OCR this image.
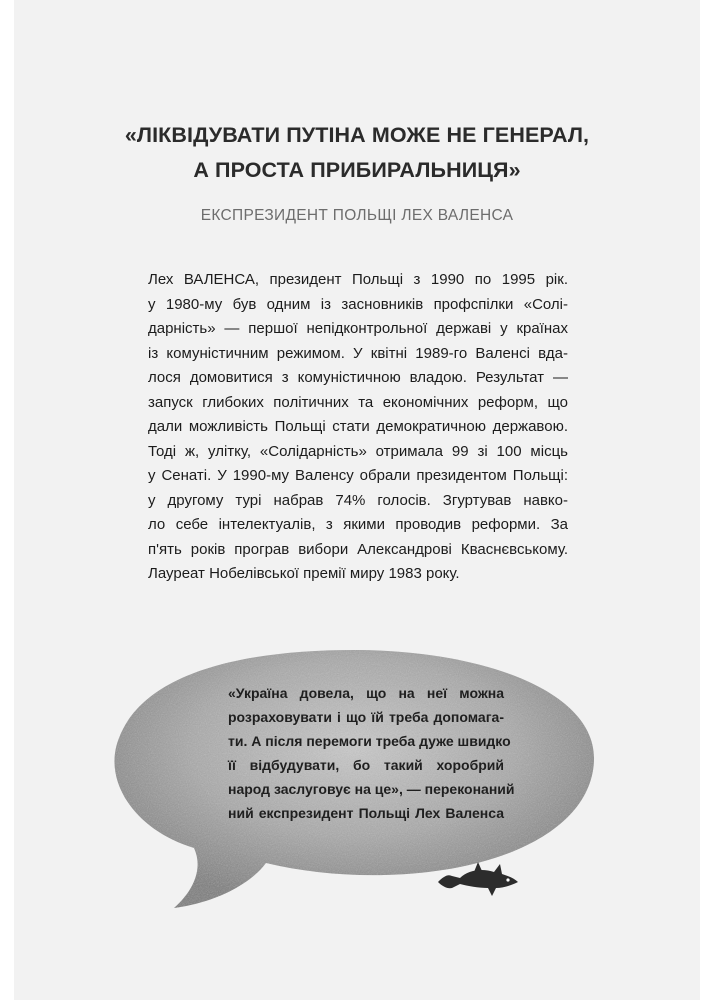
«ЛІКВІДУВАТИ ПУТІНА МОЖЕ НЕ ГЕНЕРАЛ,
А ПРОСТА ПРИБИРАЛЬНИЦЯ»
ЕКСПРЕЗИДЕНТ ПОЛЬЩІ ЛЕХ ВАЛЕНСА
Лех ВАЛЕНСА, президент Польщі з 1990 по 1995 рік.
у 1980-му був одним із засновників профспілки «Солі-
дарність» — першої непідконтрольної державі у країнах
із комуністичним режимом. У квітні 1989-го Валенсі вда-
лося домовитися з комуністичною владою. Результат —
запуск глибоких політичних та економічних реформ, що
дали можливість Польщі стати демократичною державою.
Тоді ж, улітку, «Солідарність» отримала 99 зі 100 місць
у Сенаті. У 1990-му Валенсу обрали президентом Польщі:
у другому турі набрав 74% голосів. Згуртував навко-
ло себе інтелектуалів, з якими проводив реформи. За
п'ять років програв вибори Александрові Кваснєвському.
Лауреат Нобелівської премії миру 1983 року.
«Україна довела, що на неї можна
розраховувати і що їй треба допомага-
ти. А після перемоги треба дуже швидко
її відбудувати, бо такий хоробрий
народ заслуговує на це», — переконаний
ний експрезидент Польщі Лех Валенса
